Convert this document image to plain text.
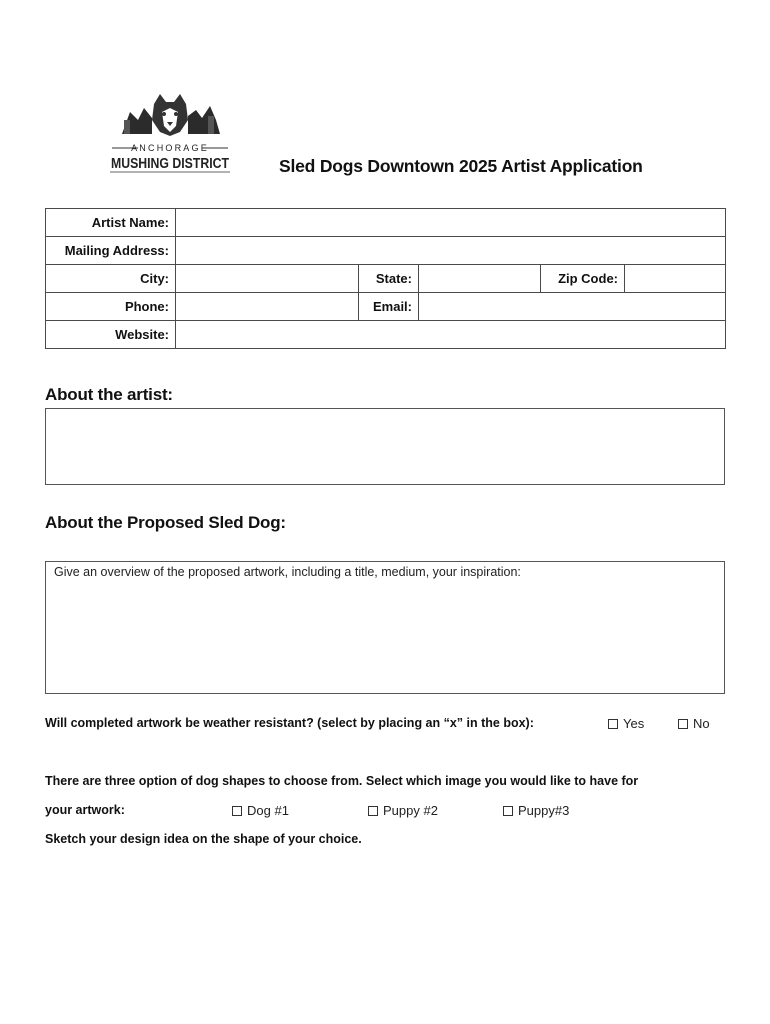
ANCHORAGE
MUSHING DISTRICT	Sled Dogs Downtown 2025 Artist Application
Artist Name:					
Mailing Address:					
City:		State:		Zip Code:	
Phone:		Email:			
Website:					
About the artist:
About the Proposed Sled Dog:
Give an overview of the proposed artwork, including a title, medium, your inspiration:
Will completed artwork be weather resistant? (select by placing an “x” in the box):	Yes	No
There are three option of dog shapes to choose from. Select which image you would like to have for
your artwork:	Dog #1	Puppy #2	Puppy#3
Sketch your design idea on the shape of your choice.
